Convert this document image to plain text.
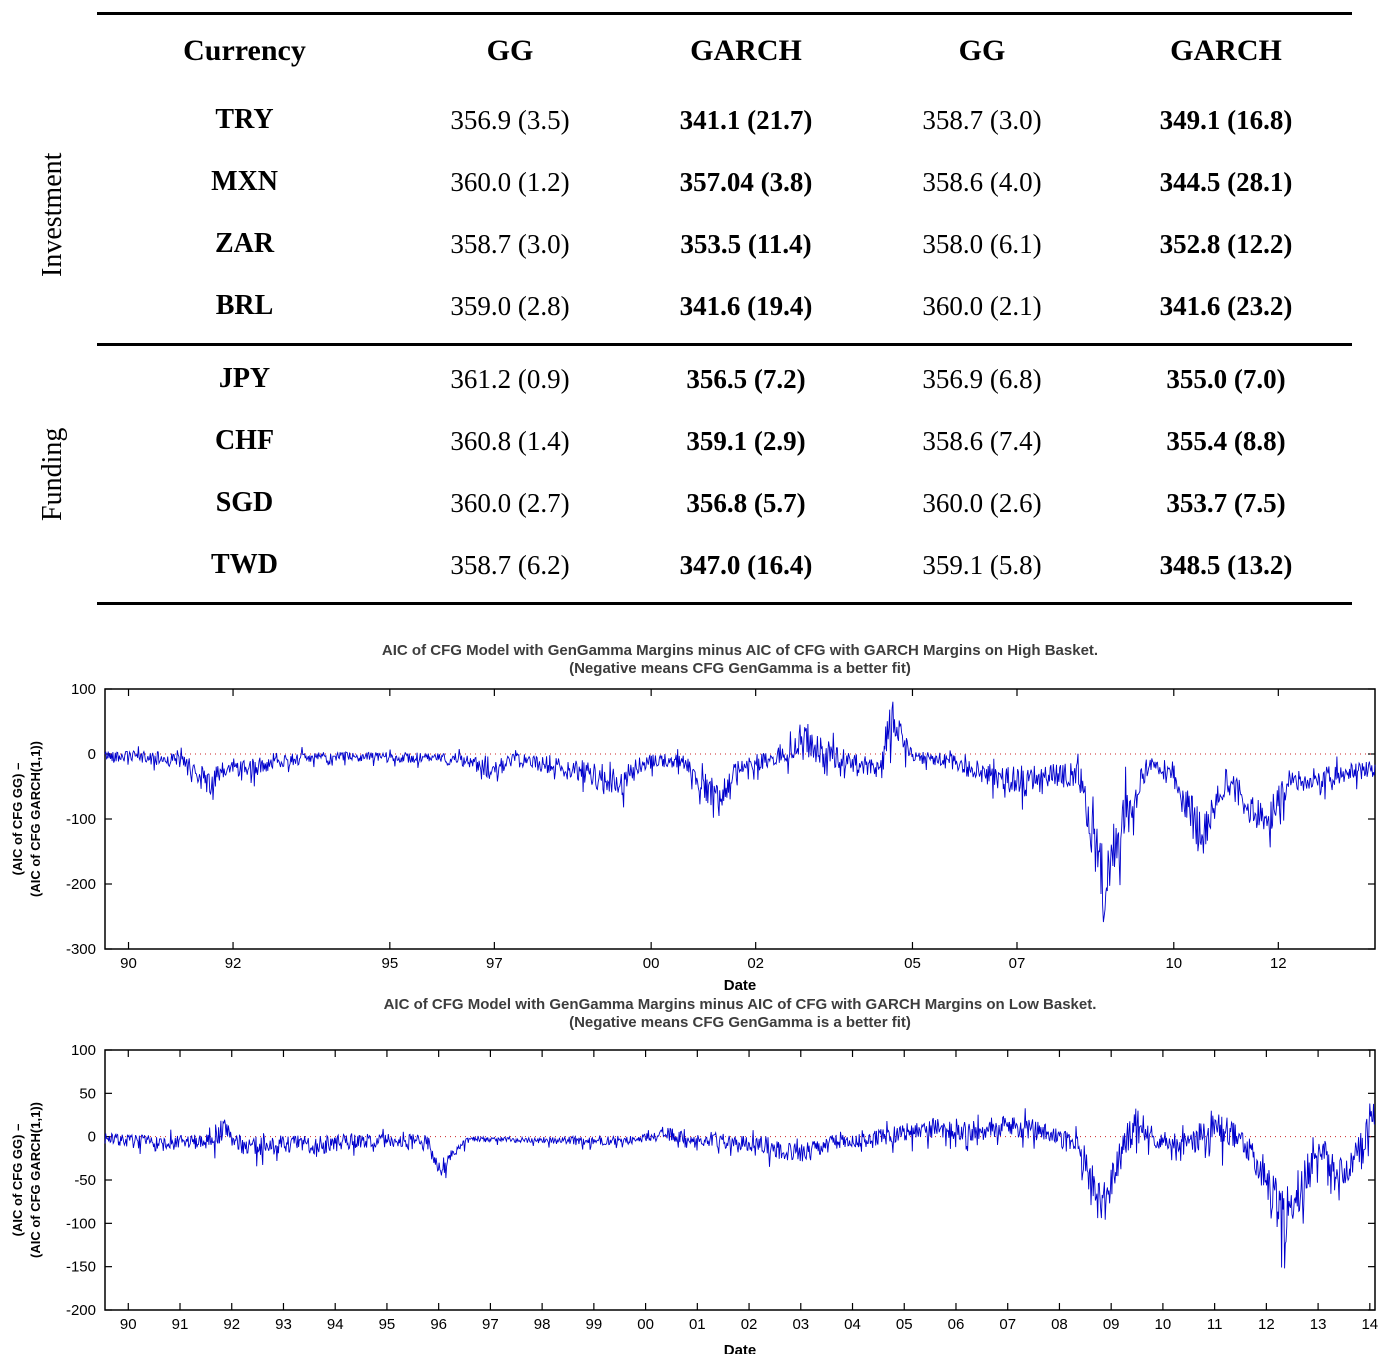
Currency	GG	GARCH	GG	GARCH
Investment
TRY	356.9 (3.5)	341.1 (21.7)	358.7 (3.0)	349.1 (16.8)
MXN	360.0 (1.2)	357.04 (3.8)	358.6 (4.0)	344.5 (28.1)
ZAR	358.7 (3.0)	353.5 (11.4)	358.0 (6.1)	352.8 (12.2)
BRL	359.0 (2.8)	341.6 (19.4)	360.0 (2.1)	341.6 (23.2)
Funding
JPY	361.2 (0.9)	356.5 (7.2)	356.9 (6.8)	355.0 (7.0)
CHF	360.8 (1.4)	359.1 (2.9)	358.6 (7.4)	355.4 (8.8)
SGD	360.0 (2.7)	356.8 (5.7)	360.0 (2.6)	353.7 (7.5)
TWD	358.7 (6.2)	347.0 (16.4)	359.1 (5.8)	348.5 (13.2)
AIC of CFG Model with GenGamma Margins minus AIC of CFG with GARCH Margins on High Basket.
(Negative means CFG GenGamma is a better fit)
90	92	95	97	00	02	05	07	10	12
100
0
-100
-200
-300
(AIC of CFG GG) – (AIC of CFG GARCH(1,1))
Date
AIC of CFG Model with GenGamma Margins minus AIC of CFG with GARCH Margins on Low Basket.
(Negative means CFG GenGamma is a better fit)
90 91 92 93 94 95 96 97 98 99 00 01 02 03 04 05 06 07 08 09 10 11 12 13 14
100
50
0
-50
-100
-150
-200
(AIC of CFG GG) – (AIC of CFG GARCH(1,1))
Date
